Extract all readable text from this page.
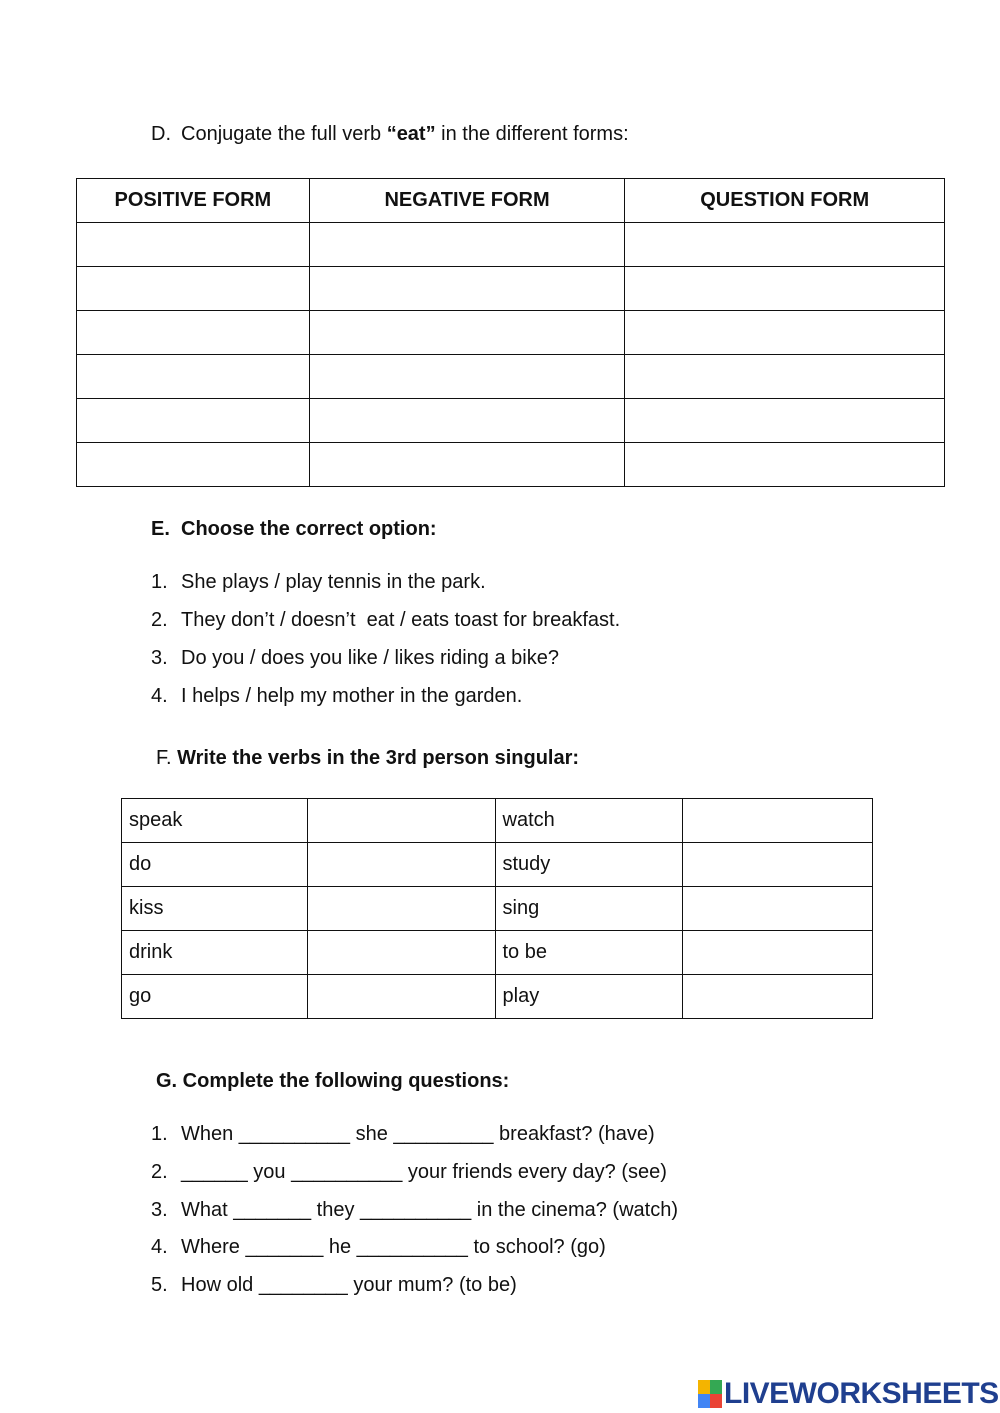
D. Conjugate the full verb “eat” in the different forms:
POSITIVE FORM	NEGATIVE FORM	QUESTION FORM

E.  Choose the correct option:
1. She plays / play tennis in the park.
2. They don’t / doesn’t  eat / eats toast for breakfast.
3. Do you / does you like / likes riding a bike?
4. I helps / help my mother in the garden.
F. Write the verbs in the 3rd person singular:
speak		watch	
do		study	
kiss		sing	
drink		to be	
go		play	
G. Complete the following questions:
1. When __________ she _________ breakfast? (have)
2. ______ you __________ your friends every day? (see)
3. What _______ they __________ in the cinema? (watch)
4. Where _______ he __________ to school? (go)
5. How old ________ your mum? (to be)
LIVEWORKSHEETS
